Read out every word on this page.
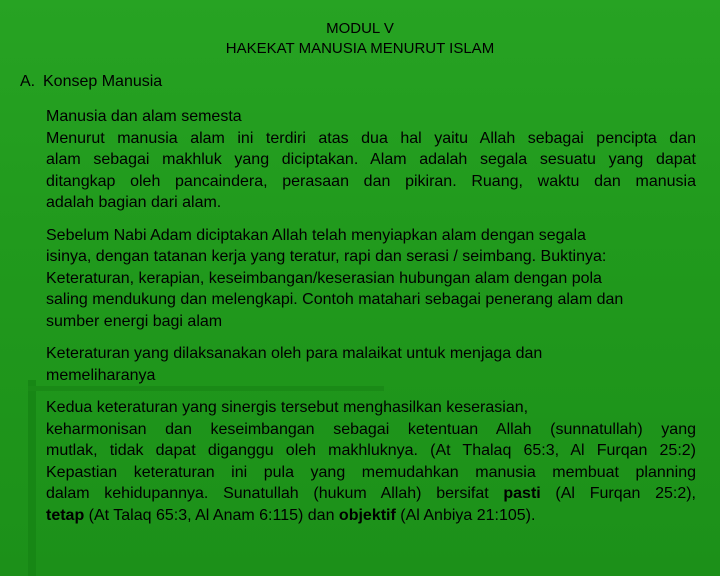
MODUL V
HAKEKAT MANUSIA MENURUT ISLAM
A. Konsep Manusia
Manusia dan alam semesta
Menurut manusia alam ini terdiri atas dua hal yaitu Allah sebagai pencipta dan
alam sebagai makhluk yang diciptakan. Alam adalah segala sesuatu yang dapat
ditangkap oleh pancaindera, perasaan dan pikiran. Ruang, waktu dan manusia
adalah bagian dari alam.
Sebelum Nabi Adam diciptakan Allah telah menyiapkan alam dengan segala
isinya, dengan tatanan kerja yang teratur, rapi dan serasi / seimbang. Buktinya:
Keteraturan, kerapian, keseimbangan/keserasian hubungan alam dengan pola
saling mendukung dan melengkapi. Contoh matahari sebagai penerang alam dan
sumber energi bagi alam
Keteraturan yang dilaksanakan oleh para malaikat untuk menjaga dan
memeliharanya
Kedua keteraturan yang sinergis tersebut menghasilkan keserasian,
keharmonisan dan keseimbangan sebagai ketentuan Allah (sunnatullah) yang
mutlak, tidak dapat diganggu oleh makhluknya. (At Thalaq 65:3, Al Furqan 25:2)
Kepastian keteraturan ini pula yang memudahkan manusia membuat planning
dalam kehidupannya. Sunatullah (hukum Allah) bersifat pasti (Al Furqan 25:2),
tetap (At Talaq 65:3, Al Anam 6:115) dan objektif (Al Anbiya 21:105).
